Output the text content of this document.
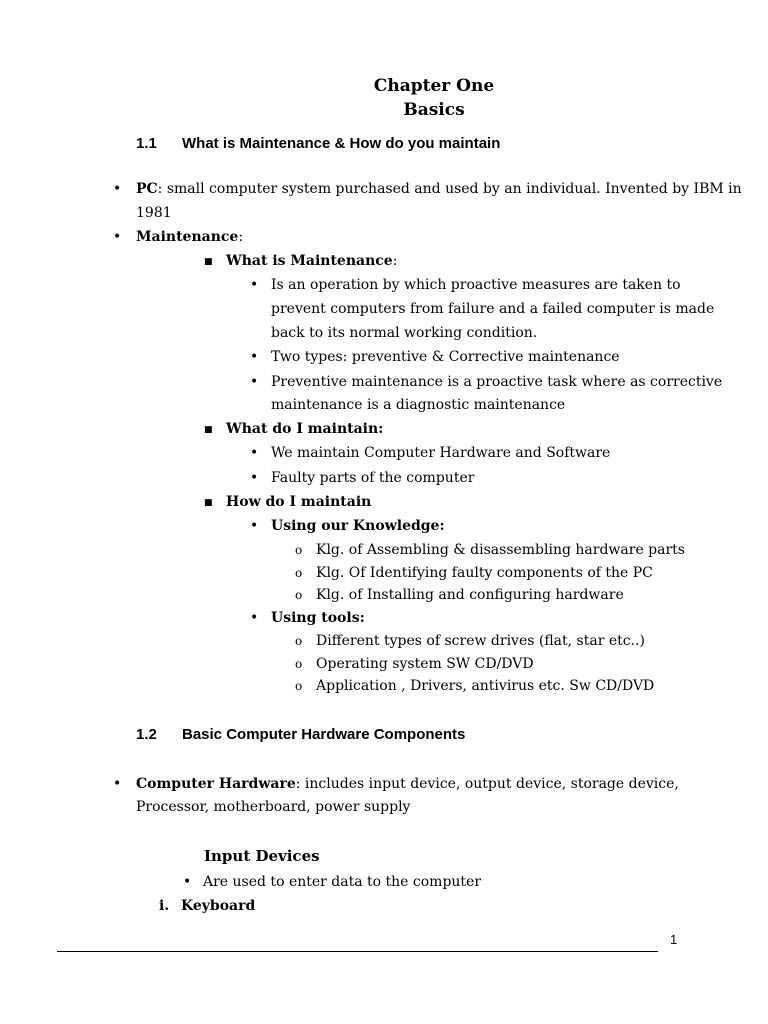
Chapter One
Basics
1.1 What is Maintenance & How do you maintain
• PC: small computer system purchased and used by an individual. Invented by IBM in
1981
• Maintenance:
■ What is Maintenance:
• Is an operation by which proactive measures are taken to
prevent computers from failure and a failed computer is made
back to its normal working condition.
• Two types: preventive & Corrective maintenance
• Preventive maintenance is a proactive task where as corrective
maintenance is a diagnostic maintenance
■ What do I maintain:
• We maintain Computer Hardware and Software
• Faulty parts of the computer
■ How do I maintain
• Using our Knowledge:
o Klg. of Assembling & disassembling hardware parts
o Klg. Of Identifying faulty components of the PC
o Klg. of Installing and configuring hardware
• Using tools:
o Different types of screw drives (flat, star etc..)
o Operating system SW CD/DVD
o Application , Drivers, antivirus etc. Sw CD/DVD
1.2 Basic Computer Hardware Components
• Computer Hardware: includes input device, output device, storage device,
Processor, motherboard, power supply
Input Devices
• Are used to enter data to the computer
i. Keyboard
1
